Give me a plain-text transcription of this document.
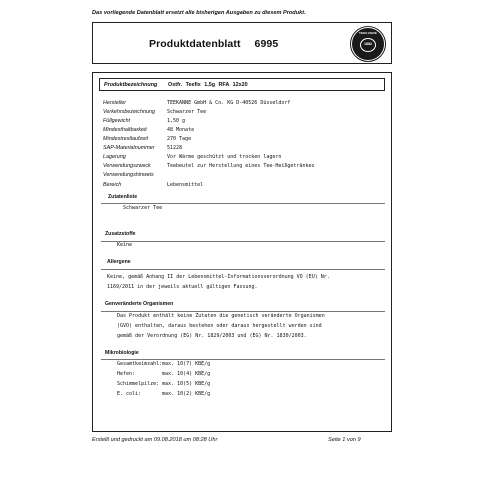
Das vorliegende Datenblatt ersetzt alle bisherigen Ausgaben zu diesem Produkt.
Produktdatenblatt 6995
TEEKANNE
1882
Produktbezeichnung Ostfr. Teefix 1,5g RFA 12x20
Hersteller	TEEKANNE GmbH & Co. KG D-40526 Düsseldorf
Verkehrsbezeichnung Schwarzer Tee
Füllgewicht	1,50 g
Mindesthaltbarkeit	48 Monate
Mindestrestlaufzeit	270 Tage
SAP-Materialnummer 51228
Lagerung	Vor Wärme geschützt und trocken lagern
Verwendungszweck	Teebeutel zur Herstellung eines Tee-Heißgetränkes
Verwendungshinweis
Bereich	Lebensmittel
Zutatenliste
Schwarzer Tee
Zusatzstoffe
Keine
Allergene
Keine, gemäß Anhang II der Lebensmittel-Informationsverordnung VO (EU) Nr.
1169/2011 in der jeweils aktuell gültigen Fassung.
Genveränderte Organismen
Das Produkt enthält keine Zutaten die genetisch veränderte Organismen
(GVO) enthalten, daraus bestehen oder daraus hergestellt worden sind
gemäß der Verordnung (EG) Nr. 1829/2003 und (EG) Nr. 1830/2003.
Mikrobiologie
Gesamtkeimzahl: max. 10(7) KBE/g
Hefen:	max. 10(4) KBE/g
Schimmelpilze: max. 10(5) KBE/g
E. coli:	max. 10(2) KBE/g
Erstellt und gedruckt am 09.08.2018 um 08:28 Uhr	Seite 1 von 9
